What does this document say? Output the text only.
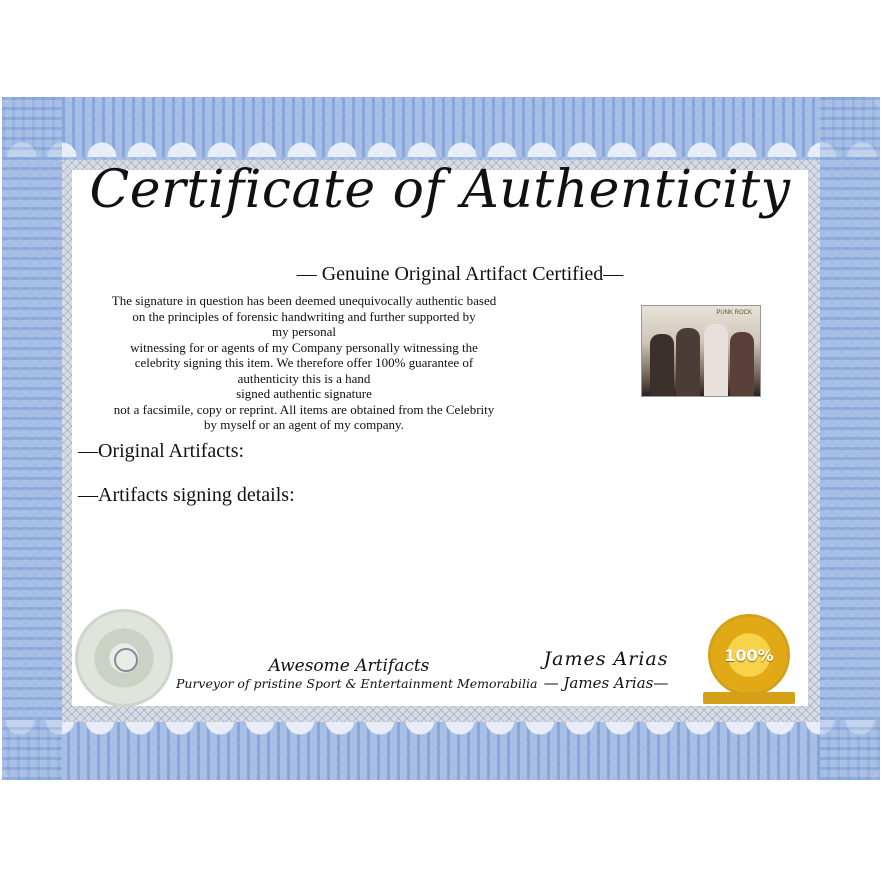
Certificate of Authenticity
— Genuine Original Artifact Certified—
The signature in question has been deemed unequivocally authentic based
on the principles of forensic handwriting and further supported by
my personal
witnessing for or agents of my Company personally witnessing the
celebrity signing this item. We therefore offer 100% guarantee of
authenticity this is a hand
signed authentic signature
not a facsimile, copy or reprint. All items are obtained from the Celebrity
by myself or an agent of my company.
—Original Artifacts:
—Artifacts signing details:
PUNK ROCK
Awesome Artifacts
Purveyor of pristine Sport & Entertainment Memorabilia
James Arias
— James Arias—
100%
